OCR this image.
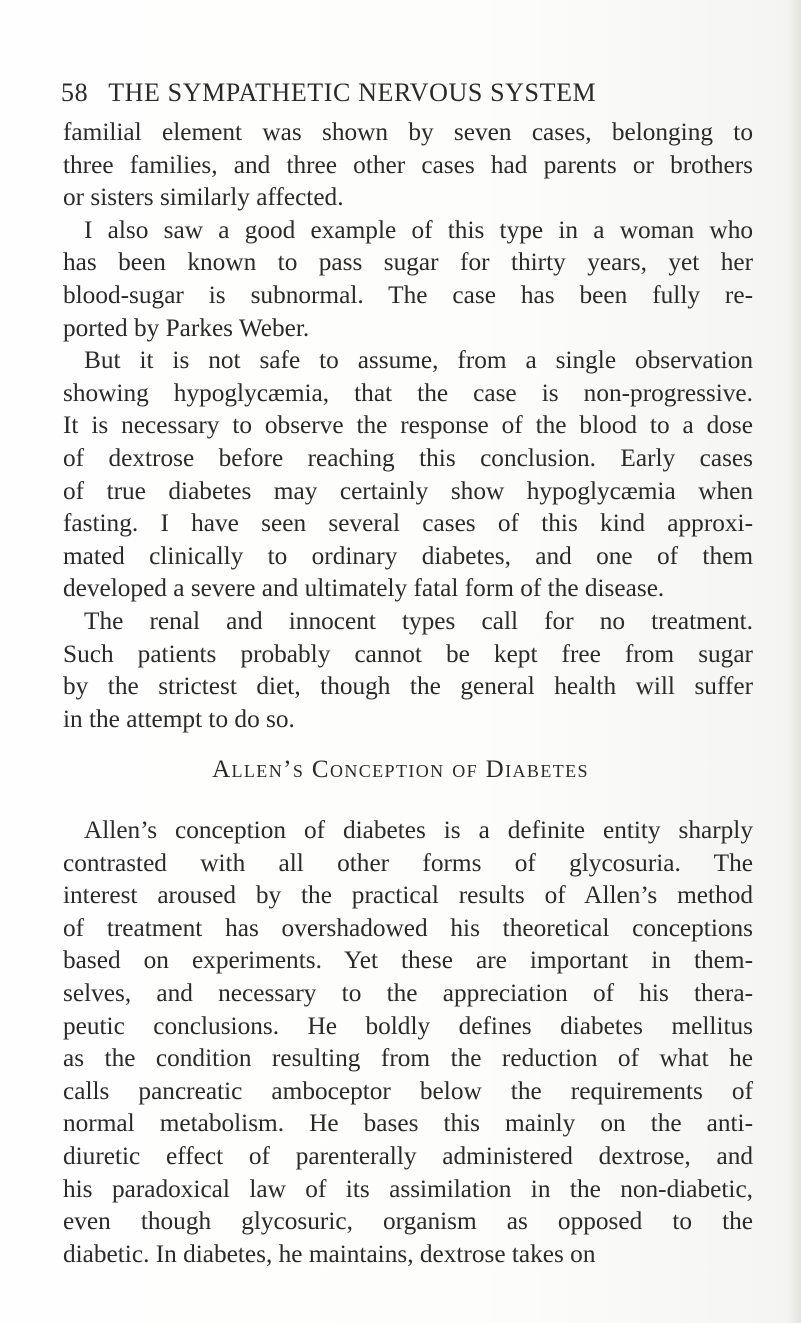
58 THE SYMPATHETIC NERVOUS SYSTEM
familial element was shown by seven cases, belonging to
three families, and three other cases had parents or brothers
or sisters similarly affected.
I also saw a good example of this type in a woman who
has been known to pass sugar for thirty years, yet her
blood-sugar is subnormal. The case has been fully re-
ported by Parkes Weber.
But it is not safe to assume, from a single observation
showing hypoglycæmia, that the case is non-progressive.
It is necessary to observe the response of the blood to a dose
of dextrose before reaching this conclusion. Early cases
of true diabetes may certainly show hypoglycæmia when
fasting. I have seen several cases of this kind approxi-
mated clinically to ordinary diabetes, and one of them
developed a severe and ultimately fatal form of the disease.
The renal and innocent types call for no treatment.
Such patients probably cannot be kept free from sugar
by the strictest diet, though the general health will suffer
in the attempt to do so.
Allen’s Conception of Diabetes
Allen’s conception of diabetes is a definite entity sharply
contrasted with all other forms of glycosuria. The
interest aroused by the practical results of Allen’s method
of treatment has overshadowed his theoretical conceptions
based on experiments. Yet these are important in them-
selves, and necessary to the appreciation of his thera-
peutic conclusions. He boldly defines diabetes mellitus
as the condition resulting from the reduction of what he
calls pancreatic amboceptor below the requirements of
normal metabolism. He bases this mainly on the anti-
diuretic effect of parenterally administered dextrose, and
his paradoxical law of its assimilation in the non-diabetic,
even though glycosuric, organism as opposed to the
diabetic. In diabetes, he maintains, dextrose takes on
